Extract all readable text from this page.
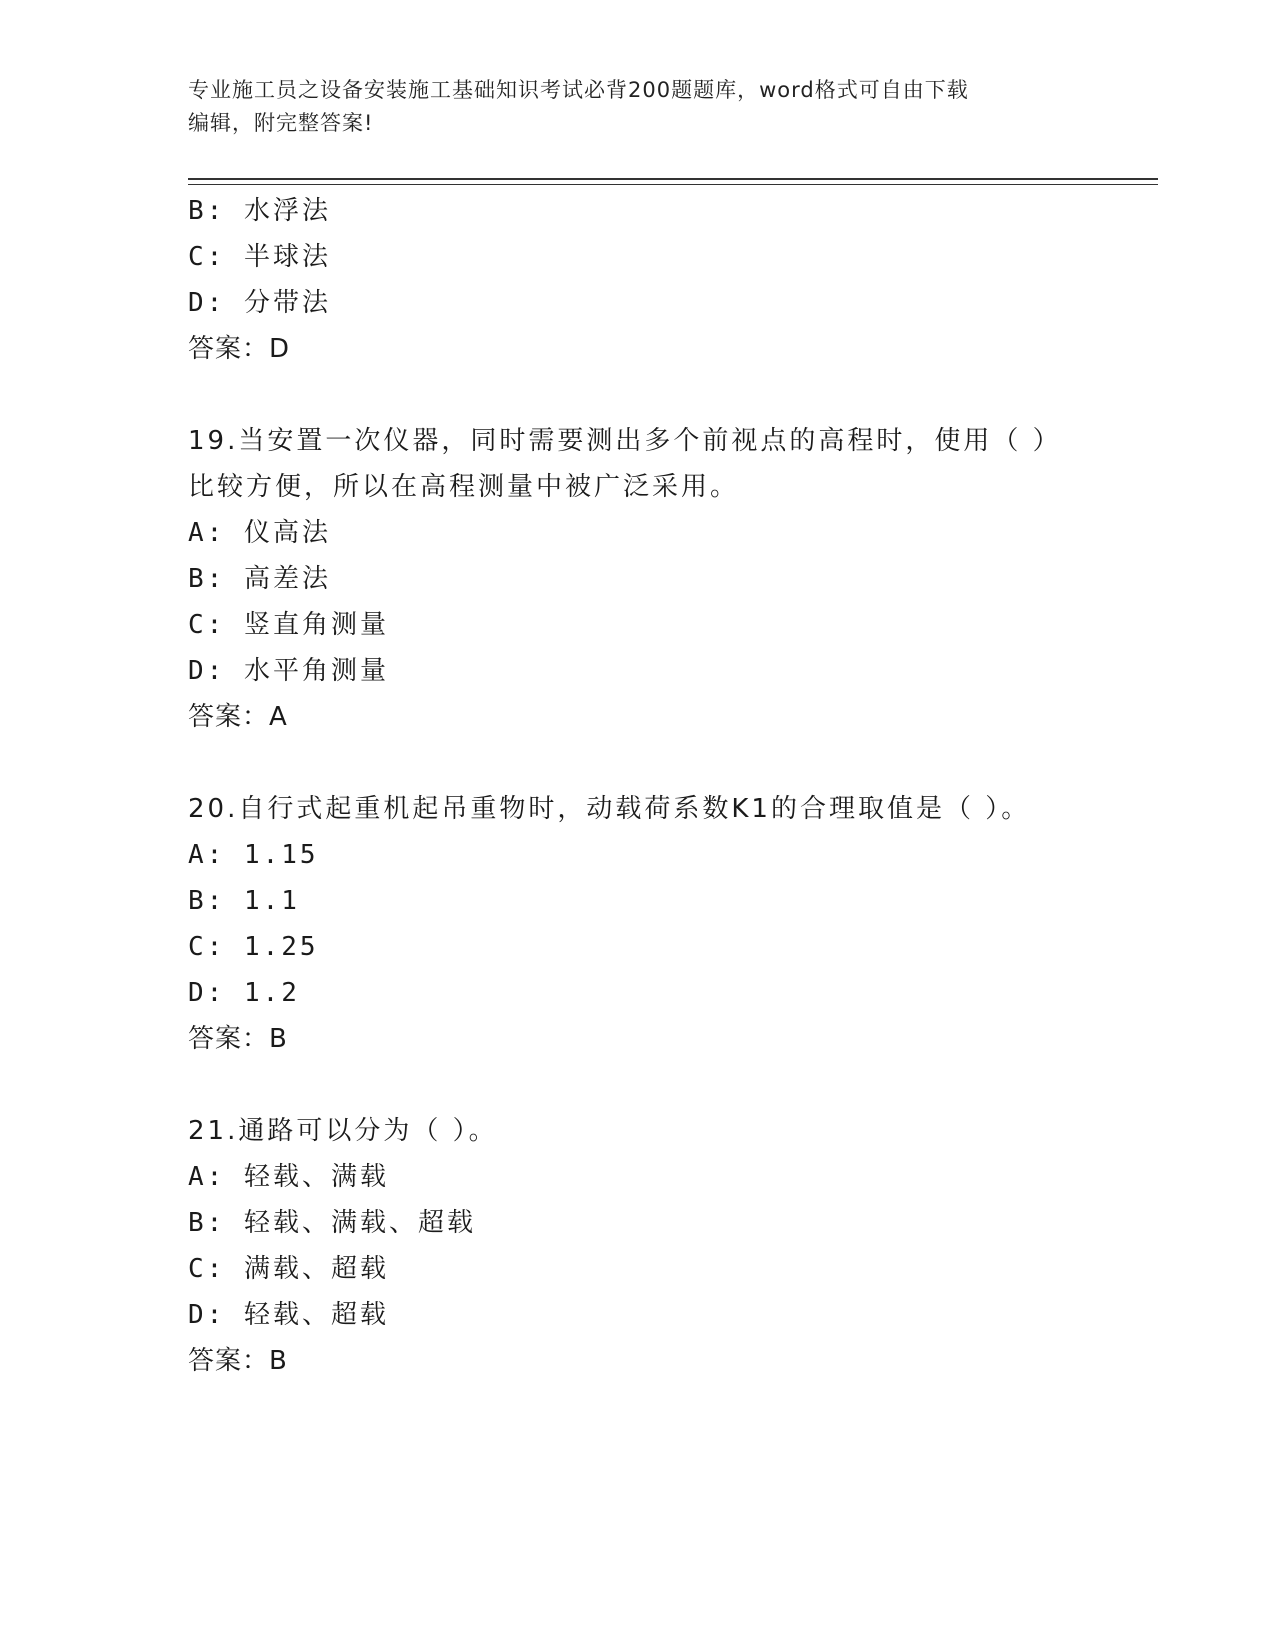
专业施工员之设备安装施工基础知识考试必背200题题库，word格式可自由下载
编辑，附完整答案!
B: 水浮法
C: 半球法
D: 分带法
答案：D
19.当安置一次仪器，同时需要测出多个前视点的高程时，使用（ ）
比较方便，所以在高程测量中被广泛采用。
A: 仪高法
B: 高差法
C: 竖直角测量
D: 水平角测量
答案：A
20.自行式起重机起吊重物时，动载荷系数K1的合理取值是（ ）。
A: 1.15
B: 1.1
C: 1.25
D: 1.2
答案：B
21.通路可以分为（ ）。
A: 轻载、满载
B: 轻载、满载、超载
C: 满载、超载
D: 轻载、超载
答案：B
